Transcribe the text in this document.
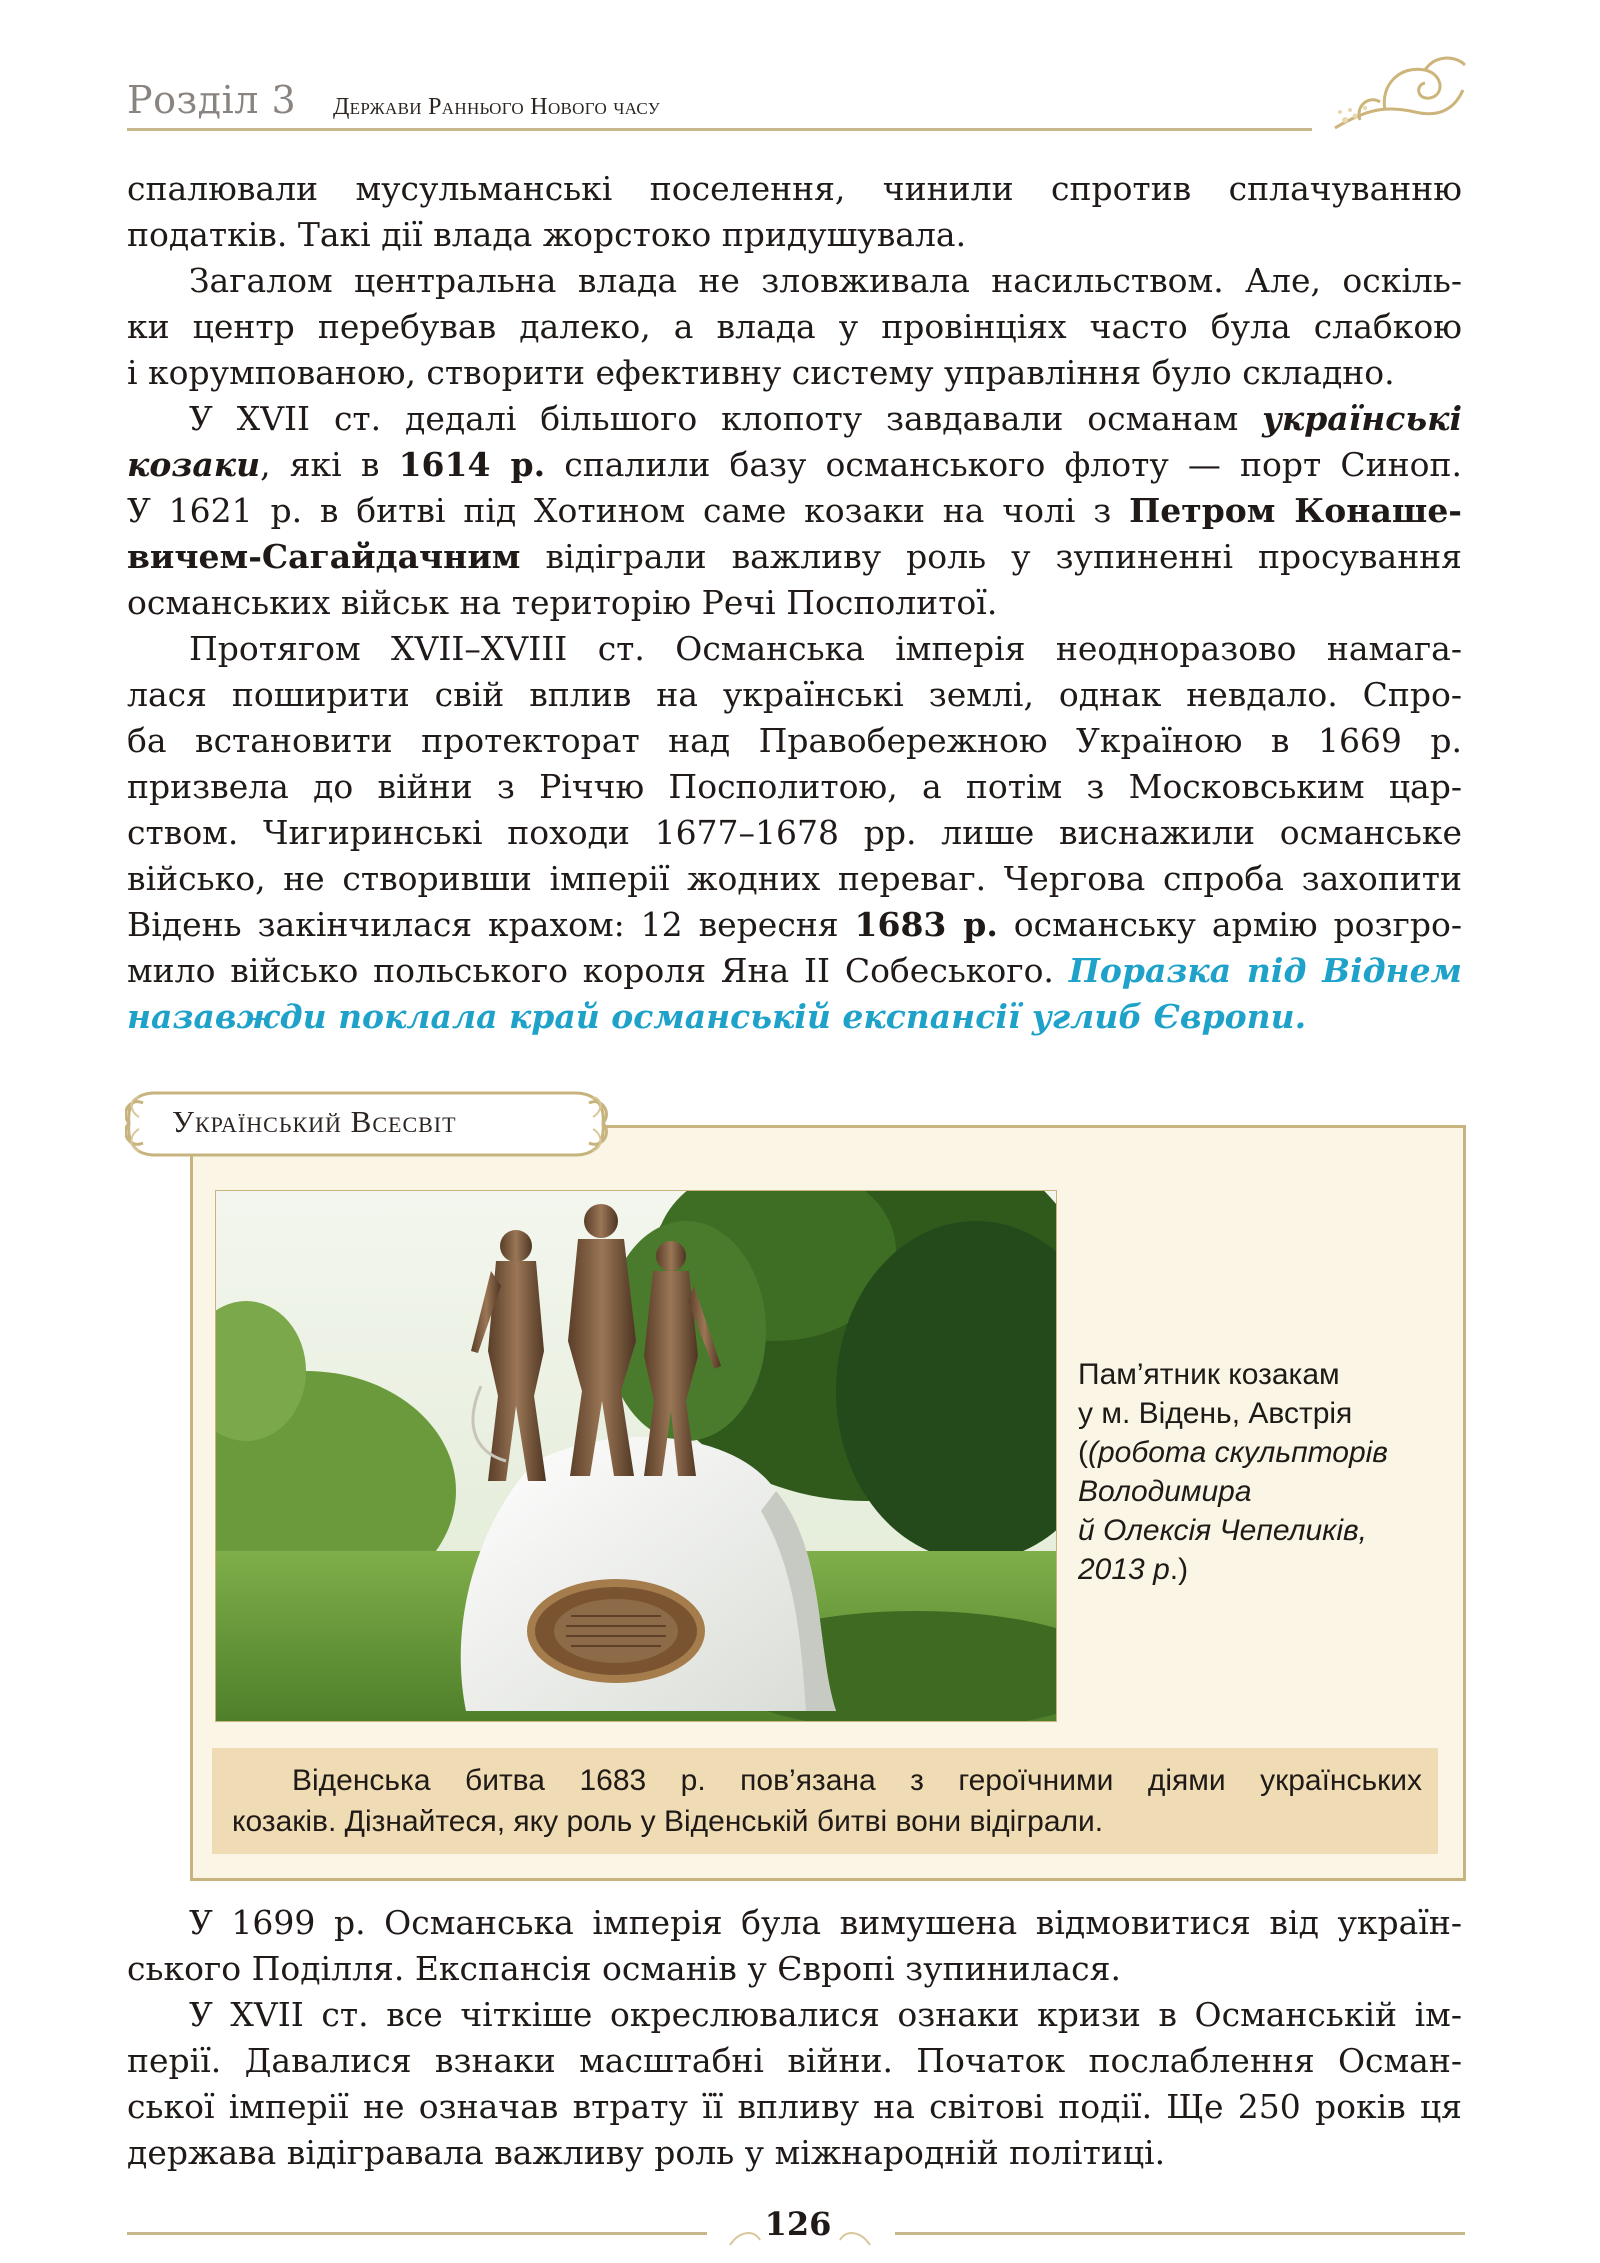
Розділ 3 Держави Раннього Нового часу
спалювали мусульманські поселення, чинили спротив сплачуванню
податків. Такі дії влада жорстоко придушувала.
Загалом центральна влада не зловживала насильством. Але, оскіль-
ки центр перебував далеко, а влада у провінціях часто була слабкою
і корумпованою, створити ефективну систему управління було складно.
У XVII ст. дедалі більшого клопоту завдавали османам українські
козаки, які в 1614 р. спалили базу османського флоту — порт Синоп.
У 1621 р. в битві під Хотином саме козаки на чолі з Петром Конаше-
вичем-Сагайдачним відіграли важливу роль у зупиненні просування
османських військ на територію Речі Посполитої.
Протягом XVII–XVIII ст. Османська імперія неодноразово намага-
лася поширити свій вплив на українські землі, однак невдало. Спро-
ба встановити протекторат над Правобережною Україною в 1669 р.
призвела до війни з Річчю Посполитою, а потім з Московським цар-
ством. Чигиринські походи 1677–1678 рр. лише виснажили османське
військо, не створивши імперії жодних переваг. Чергова спроба захопити
Відень закінчилася крахом: 12 вересня 1683 р. османську армію розгро-
мило військо польського короля Яна ІІ Собеського. Поразка під Віднем
назавжди поклала край османській експансії углиб Європи.
Український Всесвіт
Пам’ятник козакам
у м. Відень, Австрія
((робота скульпторів
Володимира
й Олексія Чепеликів,
2013 р.)
Віденська битва 1683 р. пов’язана з героїчними діями українських
козаків. Дізнайтеся, яку роль у Віденській битві вони відіграли.
У 1699 р. Османська імперія була вимушена відмовитися від україн-
ського Поділля. Експансія османів у Європі зупинилася.
У XVII ст. все чіткіше окреслювалися ознаки кризи в Османській ім-
перії. Давалися взнаки масштабні війни. Початок послаблення Осман-
ської імперії не означав втрату її впливу на світові події. Ще 250 років ця
держава відігравала важливу роль у міжнародній політиці.
126
